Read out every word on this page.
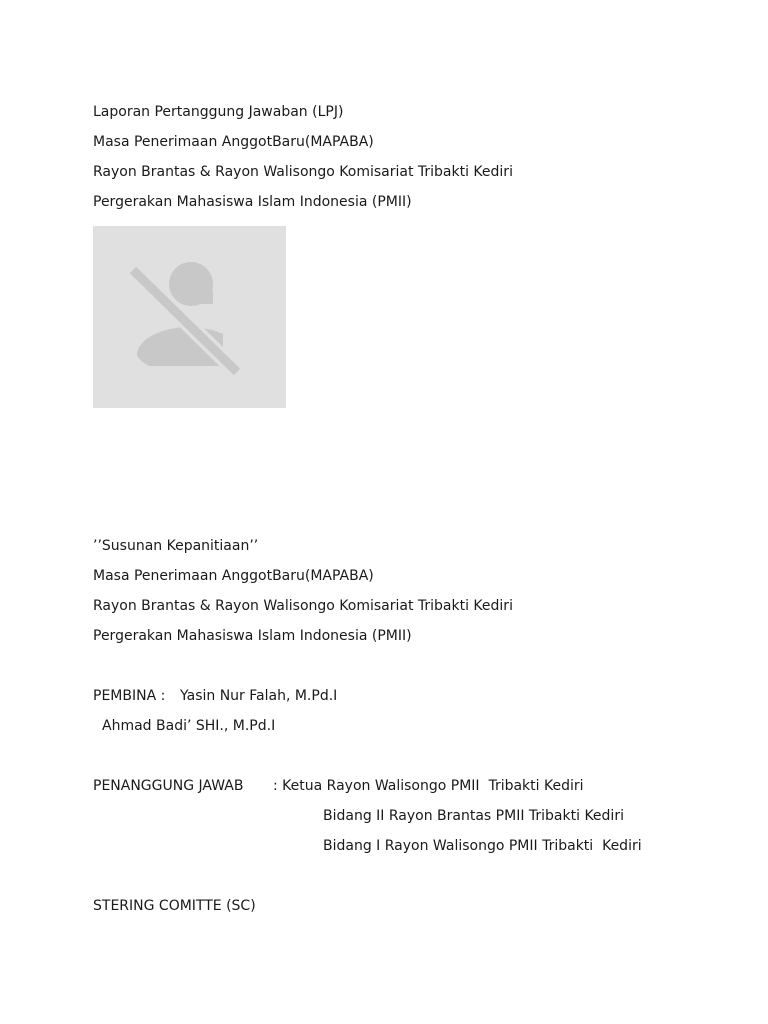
Laporan Pertanggung Jawaban (LPJ)
Masa Penerimaan AnggotBaru(MAPABA)
Rayon Brantas & Rayon Walisongo Komisariat Tribakti Kediri
Pergerakan Mahasiswa Islam Indonesia (PMII)
’’Susunan Kepanitiaan’’
Masa Penerimaan AnggotBaru(MAPABA)
Rayon Brantas & Rayon Walisongo Komisariat Tribakti Kediri
Pergerakan Mahasiswa Islam Indonesia (PMII)
PEMBINA : Yasin Nur Falah, M.Pd.I
Ahmad Badi’ SHI., M.Pd.I
PENANGGUNG JAWAB : Ketua Rayon Walisongo PMII  Tribakti Kediri
Bidang II Rayon Brantas PMII Tribakti Kediri
Bidang I Rayon Walisongo PMII Tribakti  Kediri
STERING COMITTE (SC)
